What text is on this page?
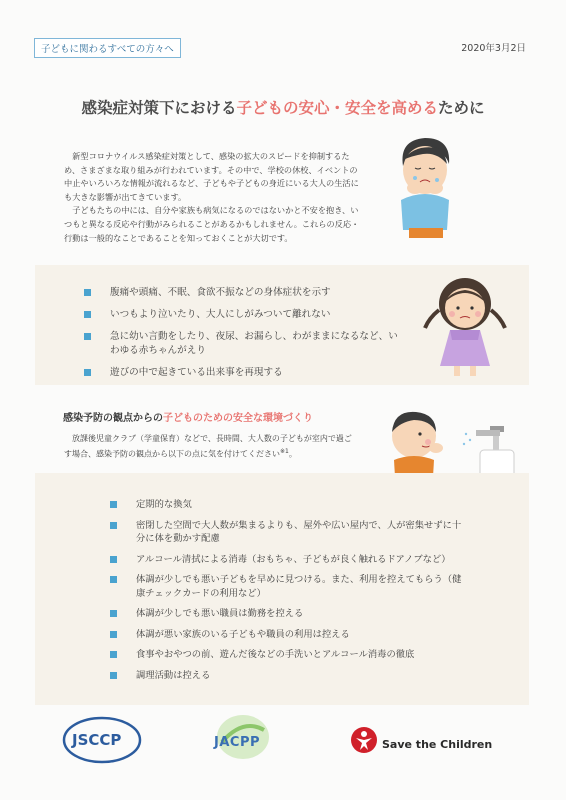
子どもに関わるすべての方々へ	2020年3月2日
感染症対策下における子どもの安心・安全を高めるために

新型コロナウイルス感染症対策として、感染の拡大のスピードを抑制するため、さまざまな取り組みが行われています。その中で、学校の休校、イベントの中止やいろいろな情報が流れるなど、子どもや子どもの身近にいる大人の生活にも大きな影響が出てきています。

子どもたちの中には、自分や家族も病気になるのではないかと不安を抱き、いつもと異なる反応や行動がみられることがあるかもしれません。これらの反応・行動は一般的なことであることを知っておくことが大切です。

腹痛や頭痛、不眠、食欲不振などの身体症状を示す
いつもより泣いたり、大人にしがみついて離れない
急に幼い言動をしたり、夜尿、お漏らし、わがままになるなど、いわゆる赤ちゃんがえり
遊びの中で起きている出来事を再現する
感染予防の観点からの子どものための安全な環境づくり

放課後児童クラブ（学童保育）などで、長時間、大人数の子どもが室内で過ごす場合、感染予防の観点から以下の点に気を付けてください$^{※1}$。

定期的な換気
密閉した空間で大人数が集まるよりも、屋外や広い屋内で、人が密集せずに十分に体を動かす配慮
アルコール清拭による消毒（おもちゃ、子どもが良く触れるドアノブなど）
体調が少しでも悪い子どもを早めに見つける。また、利用を控えてもらう（健康チェックカードの利用など）
体調が少しでも悪い職員は勤務を控える
体調が悪い家族のいる子どもや職員の利用は控える
食事やおやつの前、遊んだ後などの手洗いとアルコール消毒の徹底
調理活動は控える
JSCCP	JACPP	Save the Children
